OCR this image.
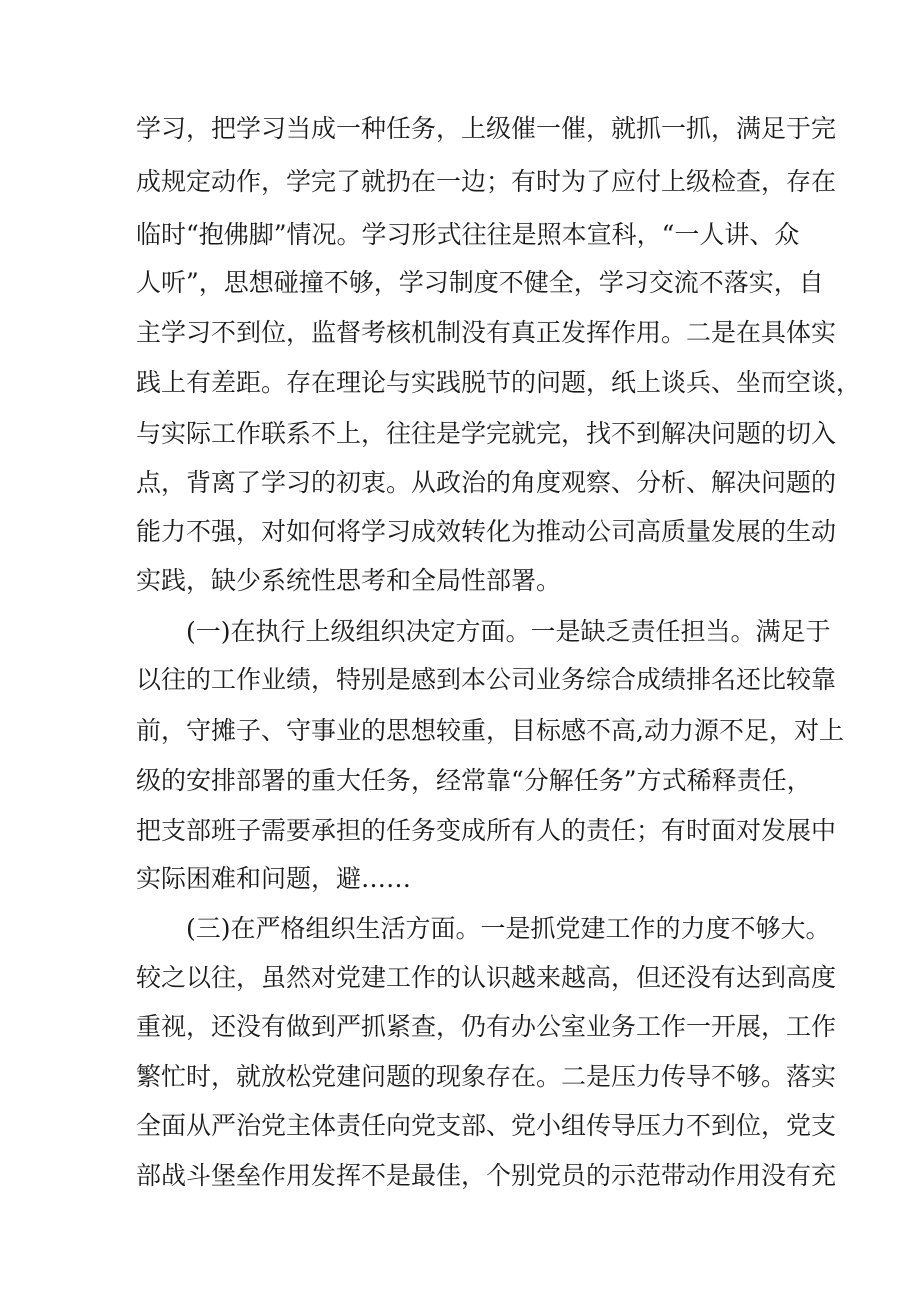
学习，把学习当成一种任务，上级催一催，就抓一抓，满足于完
成规定动作，学完了就扔在一边；有时为了应付上级检查，存在
临时“抱佛脚”情况。学习形式往往是照本宣科，“一人讲、众
人听”，思想碰撞不够，学习制度不健全，学习交流不落实，自
主学习不到位，监督考核机制没有真正发挥作用。二是在具体实
践上有差距。存在理论与实践脱节的问题，纸上谈兵、坐而空谈，
与实际工作联系不上，往往是学完就完，找不到解决问题的切入
点，背离了学习的初衷。从政治的角度观察、分析、解决问题的
能力不强，对如何将学习成效转化为推动公司高质量发展的生动
实践，缺少系统性思考和全局性部署。
(一)在执行上级组织决定方面。一是缺乏责任担当。满足于
以往的工作业绩，特别是感到本公司业务综合成绩排名还比较靠
前，守摊子、守事业的思想较重，目标感不高,动力源不足，对上
级的安排部署的重大任务，经常靠“分解任务”方式稀释责任，
把支部班子需要承担的任务变成所有人的责任；有时面对发展中
实际困难和问题，避……
(三)在严格组织生活方面。一是抓党建工作的力度不够大。
较之以往，虽然对党建工作的认识越来越高，但还没有达到高度
重视，还没有做到严抓紧查，仍有办公室业务工作一开展，工作
繁忙时，就放松党建问题的现象存在。二是压力传导不够。落实
全面从严治党主体责任向党支部、党小组传导压力不到位，党支
部战斗堡垒作用发挥不是最佳，个别党员的示范带动作用没有充
